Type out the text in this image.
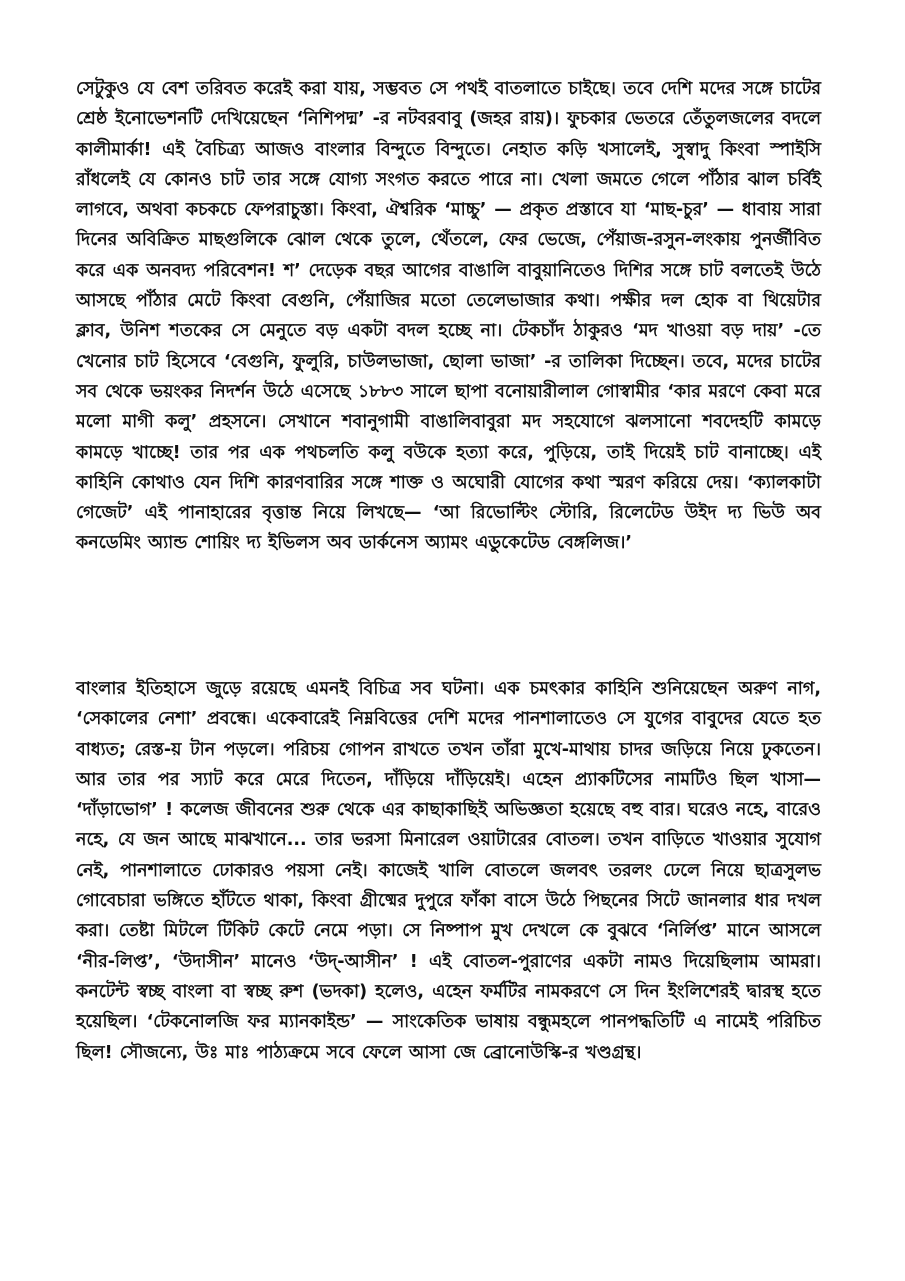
সেটুকুও যে বেশ তরিবত করেই করা যায়, সম্ভবত সে পথই বাতলাতে চাইছে। তবে দেশি মদের সঙ্গে চাটের শ্রেষ্ঠ ইনোভেশনটি দেখিয়েছেন ‘নিশিপদ্ম’ -র নটবরবাবু (জহর রায়)। ফুচকার ভেতরে তেঁতুলজলের বদলে কালীমার্কা! এই বৈচিত্র্য আজও বাংলার বিন্দুতে বিন্দুতে। নেহাত কড়ি খসালেই, সুস্বাদু কিংবা স্পাইসি রাঁধলেই যে কোনও চাট তার সঙ্গে যোগ্য সংগত করতে পারে না। খেলা জমতে গেলে পাঁঠার ঝাল চর্বিই লাগবে, অথবা কচকচে ফেপরাচুস্তা। কিংবা, ঐশ্বরিক ‘মাচ্চু’ — প্রকৃত প্রস্তাবে যা ‘মাছ-চুর’ — ধাবায় সারা দিনের অবিক্রিত মাছগুলিকে ঝোল থেকে তুলে, থেঁতলে, ফের ভেজে, পেঁয়াজ-রসুন-লংকায় পুনর্জীবিত করে এক অনবদ্য পরিবেশন! শ’ দেড়েক বছর আগের বাঙালি বাবুয়ানিতেও দিশির সঙ্গে চাট বলতেই উঠে আসছে পাঁঠার মেটে কিংবা বেগুনি, পেঁয়াজির মতো তেলেভাজার কথা। পক্ষীর দল হোক বা থিয়েটার ক্লাব, উনিশ শতকের সে মেনুতে বড় একটা বদল হচ্ছে না। টেকচাঁদ ঠাকুরও ‘মদ খাওয়া বড় দায়’ -তে খেনোর চাট হিসেবে ‘বেগুনি, ফুলুরি, চাউলভাজা, ছোলা ভাজা’ -র তালিকা দিচ্ছেন। তবে, মদের চাটের সব থেকে ভয়ংকর নিদর্শন উঠে এসেছে ১৮৮৩ সালে ছাপা বনোয়ারীলাল গোস্বামীর ‘কার মরণে কেবা মরে মলো মাগী কলু’ প্রহসনে। সেখানে শবানুগামী বাঙালিবাবুরা মদ সহযোগে ঝলসানো শবদেহটি কামড়ে কামড়ে খাচ্ছে! তার পর এক পথচলতি কলু বউকে হত্যা করে, পুড়িয়ে, তাই দিয়েই চাট বানাচ্ছে। এই কাহিনি কোথাও যেন দিশি কারণবারির সঙ্গে শাক্ত ও অঘোরী যোগের কথা স্মরণ করিয়ে দেয়। ‘ক্যালকাটা গেজেট’ এই পানাহারের বৃত্তান্ত নিয়ে লিখছে— ‘আ রিভোল্টিং স্টোরি, রিলেটেড উইদ দ্য ভিউ অব কনডেমিং অ্যান্ড শোয়িং দ্য ইভিলস অব ডার্কনেস অ্যামং এডুকেটেড বেঙ্গলিজ।’

বাংলার ইতিহাসে জুড়ে রয়েছে এমনই বিচিত্র সব ঘটনা। এক চমৎকার কাহিনি শুনিয়েছেন অরুণ নাগ, ‘সেকালের নেশা’ প্রবন্ধে। একেবারেই নিম্নবিত্তের দেশি মদের পানশালাতেও সে যুগের বাবুদের যেতে হত বাধ্যত; রেস্ত-য় টান পড়লে। পরিচয় গোপন রাখতে তখন তাঁরা মুখে-মাথায় চাদর জড়িয়ে নিয়ে ঢুকতেন। আর তার পর স্যাট করে মেরে দিতেন, দাঁড়িয়ে দাঁড়িয়েই। এহেন প্র্যাকটিসের নামটিও ছিল খাসা— ‘দাঁড়াভোগ’ ! কলেজ জীবনের শুরু থেকে এর কাছাকাছিই অভিজ্ঞতা হয়েছে বহু বার। ঘরেও নহে, বারেও নহে, যে জন আছে মাঝখানে... তার ভরসা মিনারেল ওয়াটারের বোতল। তখন বাড়িতে খাওয়ার সুযোগ নেই, পানশালাতে ঢোকারও পয়সা নেই। কাজেই খালি বোতলে জলবৎ তরলং ঢেলে নিয়ে ছাত্রসুলভ গোবেচারা ভঙ্গিতে হাঁটতে থাকা, কিংবা গ্রীষ্মের দুপুরে ফাঁকা বাসে উঠে পিছনের সিটে জানলার ধার দখল করা। তেষ্টা মিটলে টিকিট কেটে নেমে পড়া। সে নিষ্পাপ মুখ দেখলে কে বুঝবে ‘নির্লিপ্ত’ মানে আসলে ‘নীর-লিপ্ত’, ‘উদাসীন’ মানেও ‘উদ্-আসীন’ ! এই বোতল-পুরাণের একটা নামও দিয়েছিলাম আমরা। কনটেন্ট স্বচ্ছ বাংলা বা স্বচ্ছ রুশ (ভদকা) হলেও, এহেন ফর্মটির নামকরণে সে দিন ইংলিশেরই দ্বারস্থ হতে হয়েছিল। ‘টেকনোলজি ফর ম্যানকাইন্ড’ — সাংকেতিক ভাষায় বন্ধুমহলে পানপদ্ধতিটি এ নামেই পরিচিত ছিল! সৌজন্যে, উঃ মাঃ পাঠ্যক্রমে সবে ফেলে আসা জে ব্রোনোউস্কি-র খণ্ডগ্রন্থ।
